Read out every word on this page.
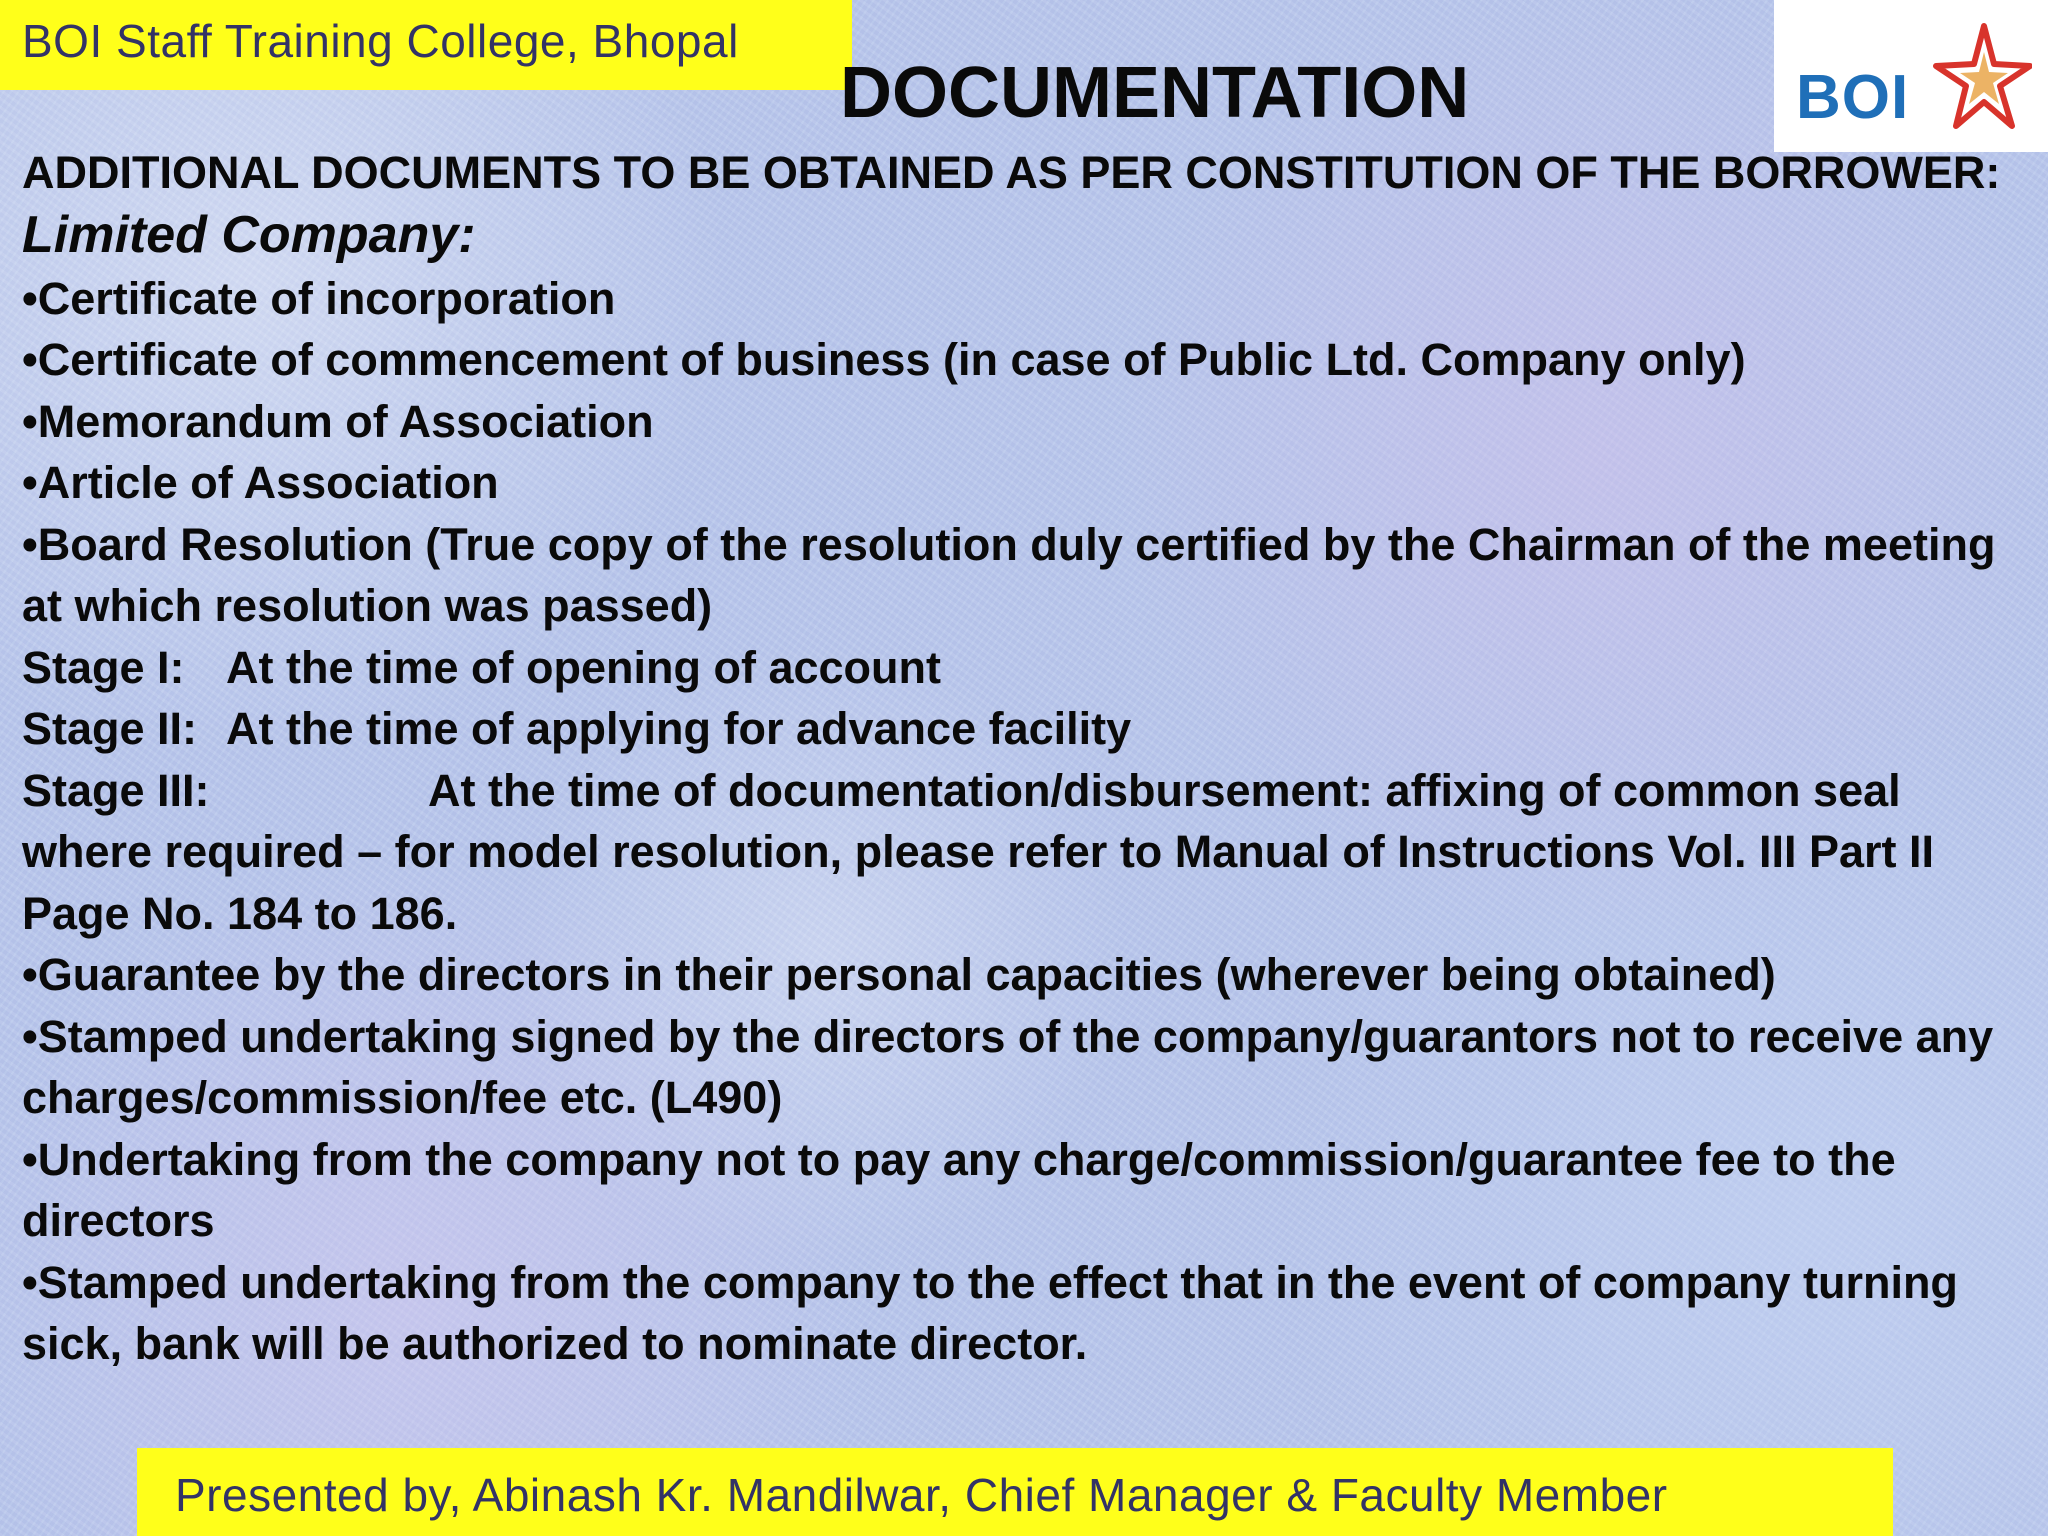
BOI Staff Training College, Bhopal
DOCUMENTATION	BOI

ADDITIONAL DOCUMENTS TO BE OBTAINED AS PER CONSTITUTION OF THE BORROWER:

Limited Company:

•Certificate of incorporation

•Certificate of commencement of business (in case of Public Ltd. Company only)

•Memorandum of Association

•Article of Association

•Board Resolution (True copy of the resolution duly certified by the Chairman of the meeting at which resolution was passed)

Stage I: At the time of opening of account

Stage II: At the time of applying for advance facility

Stage III:	At the time of documentation/disbursement: affixing of common seal where required – for model resolution, please refer to Manual of Instructions Vol. III Part II Page No. 184 to 186.

•Guarantee by the directors in their personal capacities (wherever being obtained)

•Stamped undertaking signed by the directors of the company/guarantors not to receive any charges/commission/fee etc. (L490)

•Undertaking from the company not to pay any charge/commission/guarantee fee to the directors

•Stamped undertaking from the company to the effect that in the event of company turning sick, bank will be authorized to nominate director.

Presented by, Abinash Kr. Mandilwar, Chief Manager & Faculty Member
